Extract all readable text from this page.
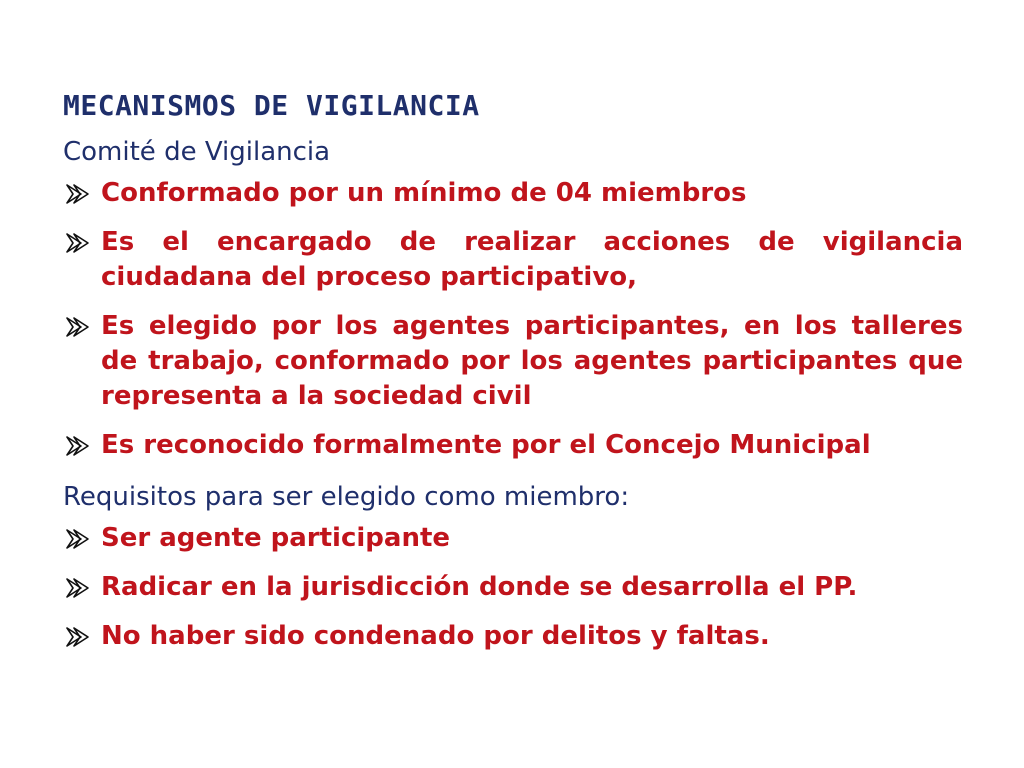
MECANISMOS DE VIGILANCIA
Comité de Vigilancia
Conformado por un mínimo de 04 miembros
Es el encargado de realizar acciones de vigilancia ciudadana del proceso participativo,
Es elegido por los agentes participantes, en los talleres de trabajo, conformado por los agentes participantes que representa a la sociedad civil
Es reconocido formalmente por el Concejo Municipal
Requisitos para ser elegido como miembro:
Ser agente participante
Radicar en la jurisdicción donde se desarrolla el PP.
No haber sido condenado por delitos y faltas.
